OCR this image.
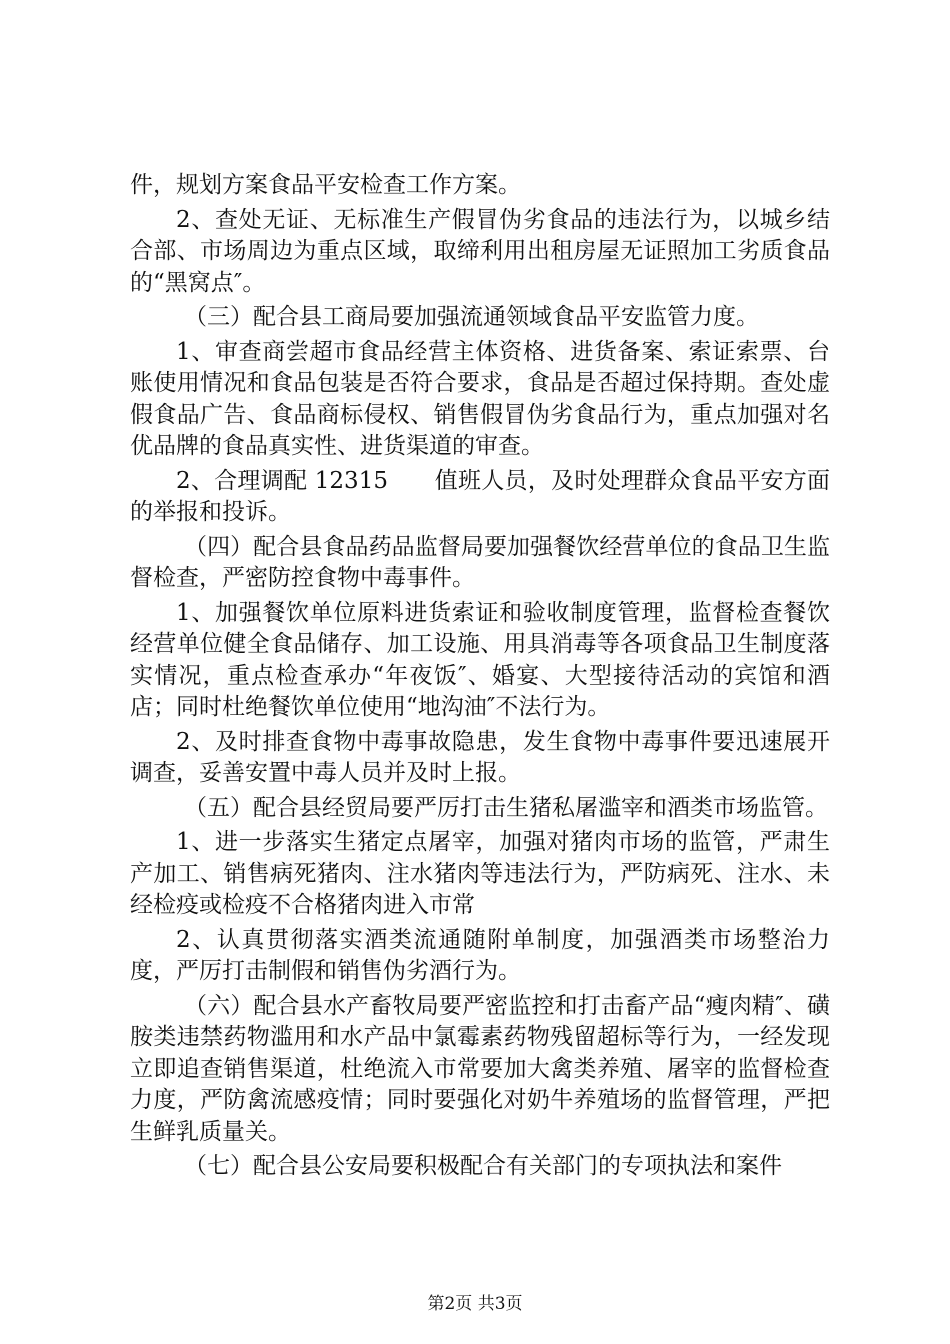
件，规划方案食品平安检查工作方案。

2、查处无证、无标准生产假冒伪劣食品的违法行为，以城乡结合部、市场周边为重点区域，取缔利用出租房屋无证照加工劣质食品的“黑窝点″。

（三）配合县工商局要加强流通领域食品平安监管力度。

1、审查商尝超市食品经营主体资格、进货备案、索证索票、台账使用情况和食品包装是否符合要求，食品是否超过保持期。查处虚假食品广告、食品商标侵权、销售假冒伪劣食品行为，重点加强对名优品牌的食品真实性、进货渠道的审查。

2、合理调配 12315　　值班人员，及时处理群众食品平安方面的举报和投诉。

（四）配合县食品药品监督局要加强餐饮经营单位的食品卫生监督检查，严密防控食物中毒事件。

1、加强餐饮单位原料进货索证和验收制度管理，监督检查餐饮经营单位健全食品储存、加工设施、用具消毒等各项食品卫生制度落实情况，重点检查承办“年夜饭″、婚宴、大型接待活动的宾馆和酒店；同时杜绝餐饮单位使用“地沟油″不法行为。

2、及时排查食物中毒事故隐患，发生食物中毒事件要迅速展开调查，妥善安置中毒人员并及时上报。

（五）配合县经贸局要严厉打击生猪私屠滥宰和酒类市场监管。

1、进一步落实生猪定点屠宰，加强对猪肉市场的监管，严肃生产加工、销售病死猪肉、注水猪肉等违法行为，严防病死、注水、未经检疫或检疫不合格猪肉进入市常

2、认真贯彻落实酒类流通随附单制度，加强酒类市场整治力度，严厉打击制假和销售伪劣酒行为。

（六）配合县水产畜牧局要严密监控和打击畜产品“瘦肉精″、磺胺类违禁药物滥用和水产品中氯霉素药物残留超标等行为，一经发现立即追查销售渠道，杜绝流入市常要加大禽类养殖、屠宰的监督检查力度，严防禽流感疫情；同时要强化对奶牛养殖场的监督管理，严把生鲜乳质量关。

（七）配合县公安局要积极配合有关部门的专项执法和案件

第2页 共3页
